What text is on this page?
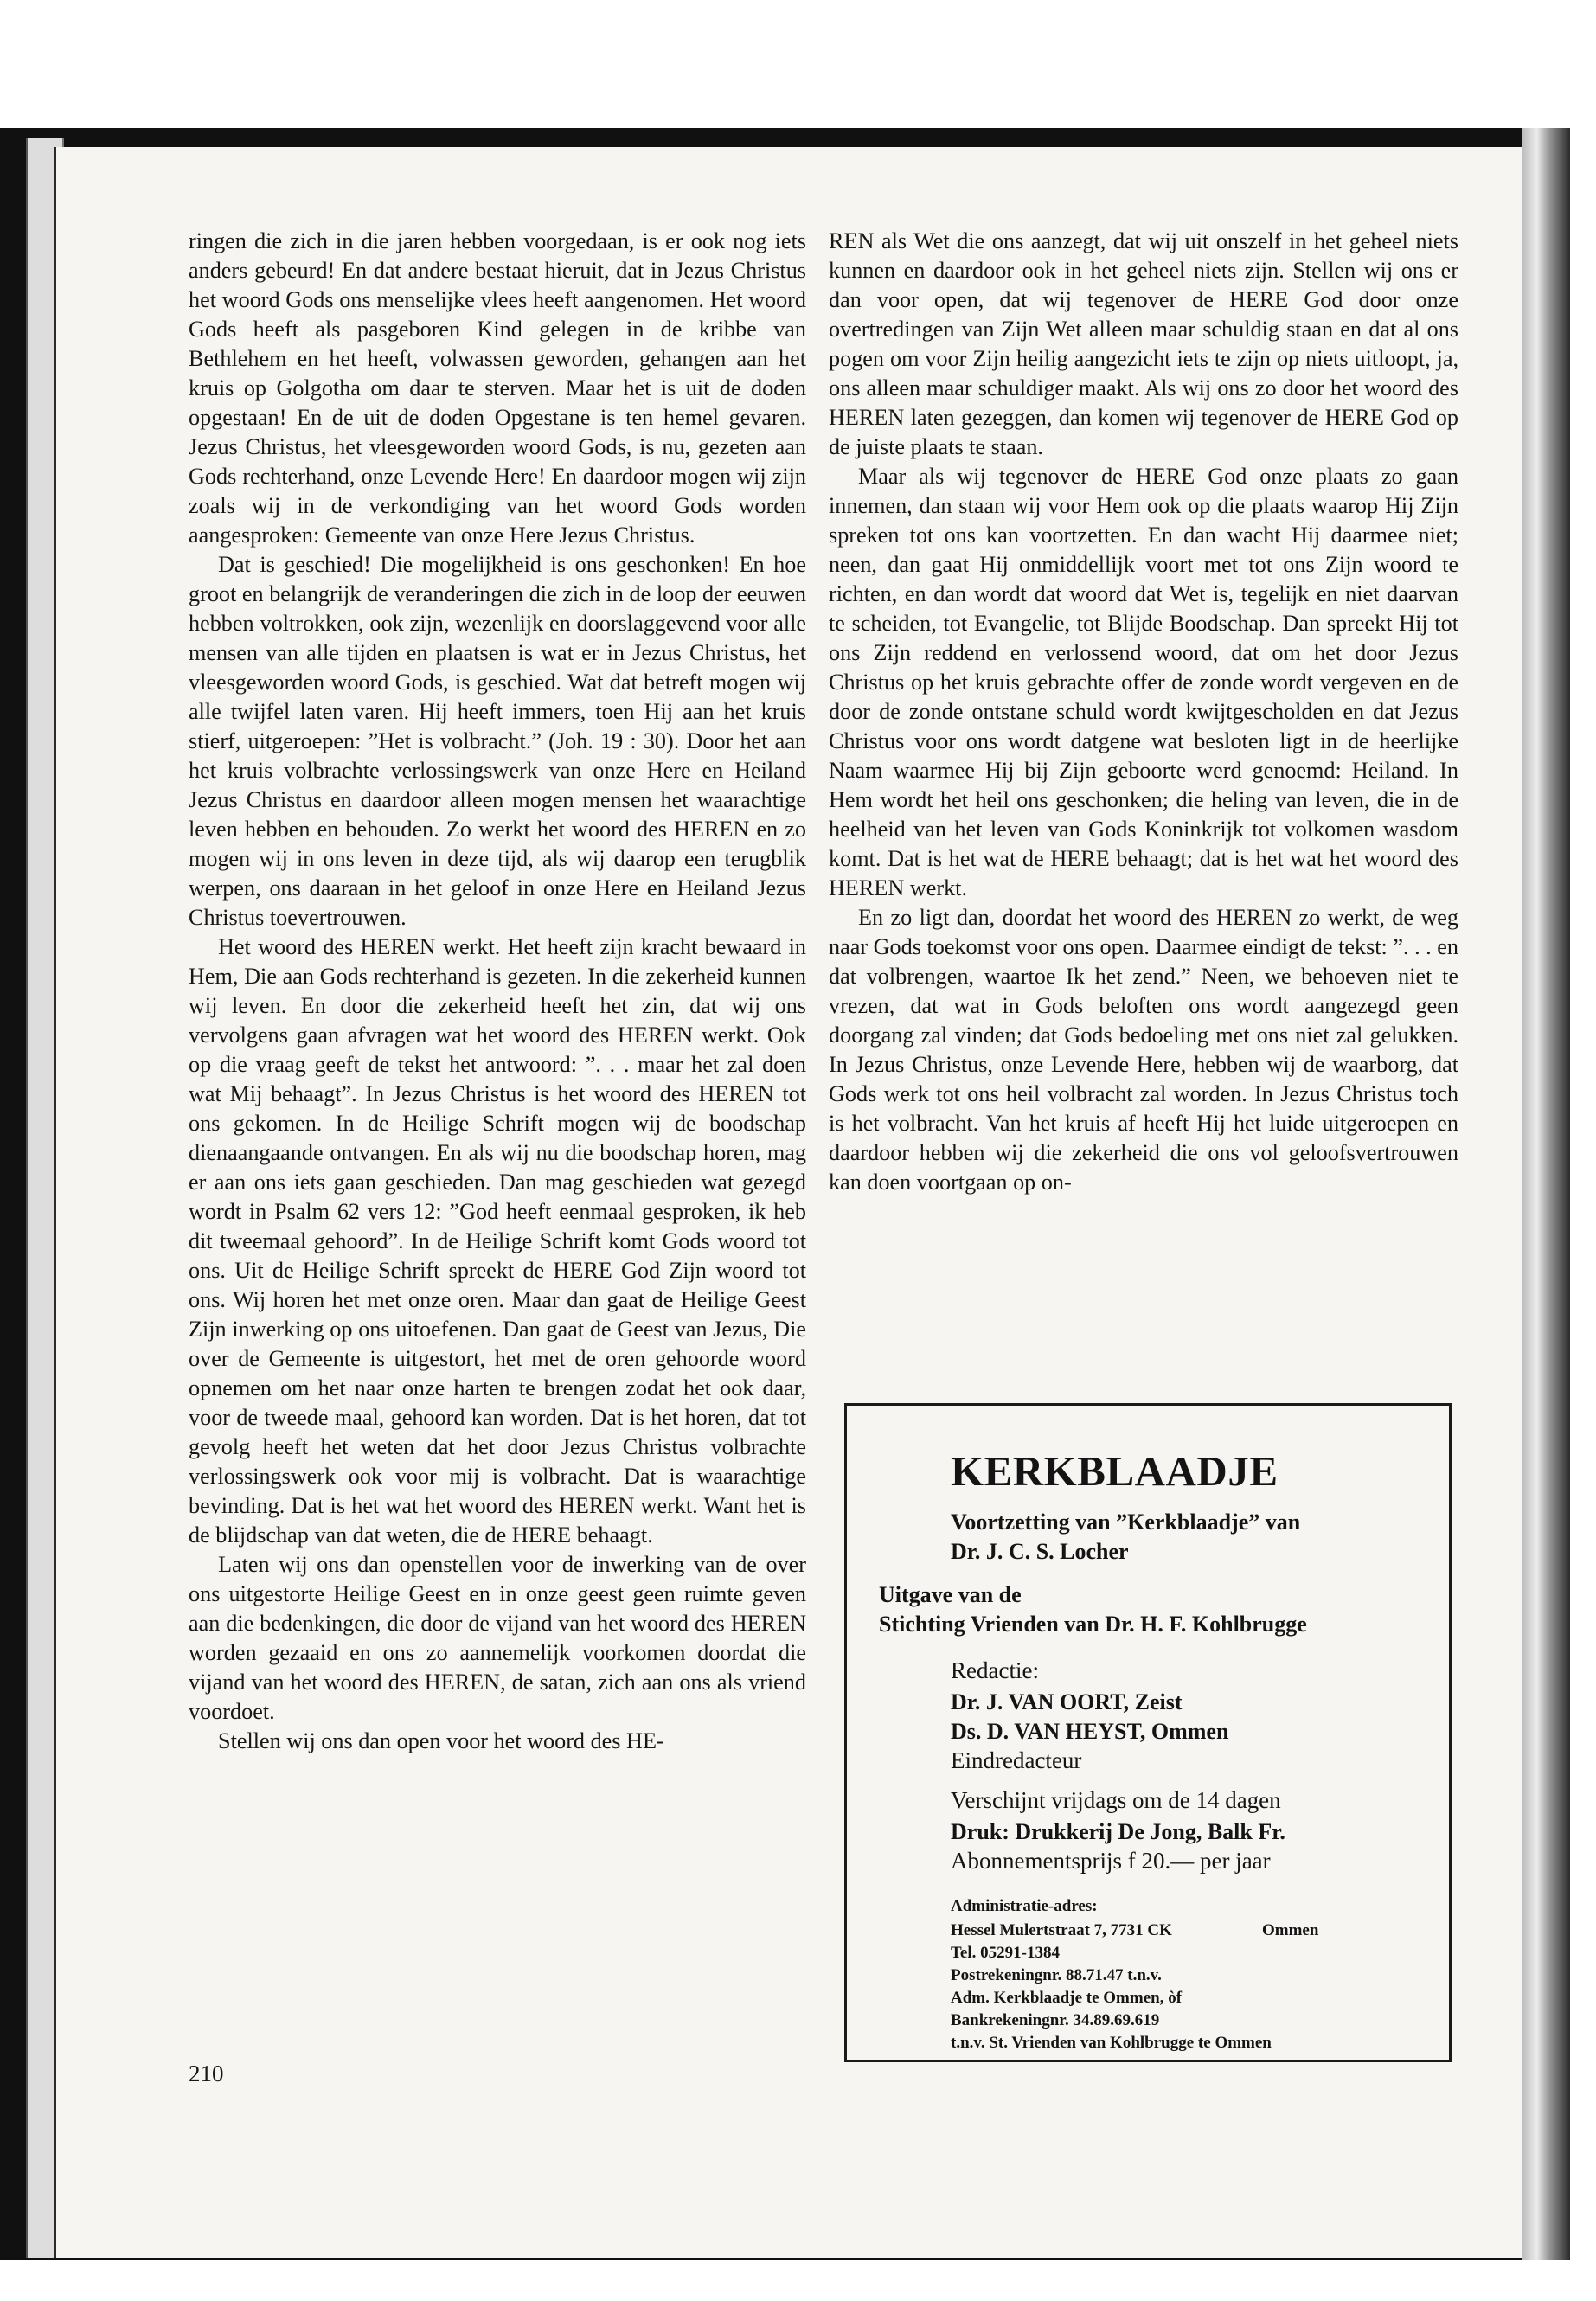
ringen die zich in die jaren hebben voorgedaan, is er ook nog iets anders gebeurd! En dat andere bestaat hieruit, dat in Jezus Christus het woord Gods ons menselijke vlees heeft aangenomen. Het woord Gods heeft als pasgeboren Kind gelegen in de kribbe van Bethlehem en het heeft, volwassen geworden, gehangen aan het kruis op Golgotha om daar te sterven. Maar het is uit de doden opgestaan! En de uit de doden Opgestane is ten hemel gevaren. Jezus Christus, het vleesgeworden woord Gods, is nu, gezeten aan Gods rechterhand, onze Levende Here! En daardoor mogen wij zijn zoals wij in de verkondiging van het woord Gods worden aangesproken: Gemeente van onze Here Jezus Christus.

Dat is geschied! Die mogelijkheid is ons geschonken! En hoe groot en belangrijk de veranderingen die zich in de loop der eeuwen hebben voltrokken, ook zijn, wezenlijk en doorslaggevend voor alle mensen van alle tijden en plaatsen is wat er in Jezus Christus, het vleesgeworden woord Gods, is geschied. Wat dat betreft mogen wij alle twijfel laten varen. Hij heeft immers, toen Hij aan het kruis stierf, uitgeroepen: ”Het is volbracht.” (Joh. 19 : 30). Door het aan het kruis volbrachte verlossingswerk van onze Here en Heiland Jezus Christus en daardoor alleen mogen mensen het waarachtige leven hebben en behouden. Zo werkt het woord des HEREN en zo mogen wij in ons leven in deze tijd, als wij daarop een terugblik werpen, ons daaraan in het geloof in onze Here en Heiland Jezus Christus toevertrouwen.

Het woord des HEREN werkt. Het heeft zijn kracht bewaard in Hem, Die aan Gods rechterhand is gezeten. In die zekerheid kunnen wij leven. En door die zekerheid heeft het zin, dat wij ons vervolgens gaan afvragen wat het woord des HEREN werkt. Ook op die vraag geeft de tekst het antwoord: ”. . . maar het zal doen wat Mij behaagt”. In Jezus Christus is het woord des HEREN tot ons gekomen. In de Heilige Schrift mogen wij de boodschap dienaangaande ontvangen. En als wij nu die boodschap horen, mag er aan ons iets gaan geschieden. Dan mag geschieden wat gezegd wordt in Psalm 62 vers 12: ”God heeft eenmaal gesproken, ik heb dit tweemaal gehoord”. In de Heilige Schrift komt Gods woord tot ons. Uit de Heilige Schrift spreekt de HERE God Zijn woord tot ons. Wij horen het met onze oren. Maar dan gaat de Heilige Geest Zijn inwerking op ons uitoefenen. Dan gaat de Geest van Jezus, Die over de Gemeente is uitgestort, het met de oren gehoorde woord opnemen om het naar onze harten te brengen zodat het ook daar, voor de tweede maal, gehoord kan worden. Dat is het horen, dat tot gevolg heeft het weten dat het door Jezus Christus volbrachte verlossingswerk ook voor mij is volbracht. Dat is waarachtige bevinding. Dat is het wat het woord des HEREN werkt. Want het is de blijdschap van dat weten, die de HERE behaagt.

Laten wij ons dan openstellen voor de inwerking van de over ons uitgestorte Heilige Geest en in onze geest geen ruimte geven aan die bedenkingen, die door de vijand van het woord des HEREN worden gezaaid en ons zo aannemelijk voorkomen doordat die vijand van het woord des HEREN, de satan, zich aan ons als vriend voordoet.

Stellen wij ons dan open voor het woord des HE-

REN als Wet die ons aanzegt, dat wij uit onszelf in het geheel niets kunnen en daardoor ook in het geheel niets zijn. Stellen wij ons er dan voor open, dat wij tegenover de HERE God door onze overtredingen van Zijn Wet alleen maar schuldig staan en dat al ons pogen om voor Zijn heilig aangezicht iets te zijn op niets uitloopt, ja, ons alleen maar schuldiger maakt. Als wij ons zo door het woord des HEREN laten gezeggen, dan komen wij tegenover de HERE God op de juiste plaats te staan.

Maar als wij tegenover de HERE God onze plaats zo gaan innemen, dan staan wij voor Hem ook op die plaats waarop Hij Zijn spreken tot ons kan voortzetten. En dan wacht Hij daarmee niet; neen, dan gaat Hij onmiddellijk voort met tot ons Zijn woord te richten, en dan wordt dat woord dat Wet is, tegelijk en niet daarvan te scheiden, tot Evangelie, tot Blijde Boodschap. Dan spreekt Hij tot ons Zijn reddend en verlossend woord, dat om het door Jezus Christus op het kruis gebrachte offer de zonde wordt vergeven en de door de zonde ontstane schuld wordt kwijtgescholden en dat Jezus Christus voor ons wordt datgene wat besloten ligt in de heerlijke Naam waarmee Hij bij Zijn geboorte werd genoemd: Heiland. In Hem wordt het heil ons geschonken; die heling van leven, die in de heelheid van het leven van Gods Koninkrijk tot volkomen wasdom komt. Dat is het wat de HERE behaagt; dat is het wat het woord des HEREN werkt.

En zo ligt dan, doordat het woord des HEREN zo werkt, de weg naar Gods toekomst voor ons open. Daarmee eindigt de tekst: ”. . . en dat volbrengen, waartoe Ik het zend.” Neen, we behoeven niet te vrezen, dat wat in Gods beloften ons wordt aangezegd geen doorgang zal vinden; dat Gods bedoeling met ons niet zal gelukken. In Jezus Christus, onze Levende Here, hebben wij de waarborg, dat Gods werk tot ons heil volbracht zal worden. In Jezus Christus toch is het volbracht. Van het kruis af heeft Hij het luide uitgeroepen en daardoor hebben wij die zekerheid die ons vol geloofsvertrouwen kan doen voortgaan op on-

210
KERKBLAADJE
Voortzetting van ”Kerkblaadje” van
Dr. J. C. S. Locher
Uitgave van de
Stichting Vrienden van Dr. H. F. Kohlbrugge
Redactie:
Dr. J. VAN OORT, Zeist
Ds. D. VAN HEYST, Ommen
Eindredacteur
Verschijnt vrijdags om de 14 dagen
Druk: Drukkerij De Jong, Balk Fr.
Abonnementsprijs f 20.— per jaar
Administratie-adres:
Hessel Mulertstraat 7, 7731 CK	Ommen
Tel. 05291-1384
Postrekeningnr. 88.71.47 t.n.v.
Adm. Kerkblaadje te Ommen, òf
Bankrekeningnr. 34.89.69.619
t.n.v. St. Vrienden van Kohlbrugge te Ommen
